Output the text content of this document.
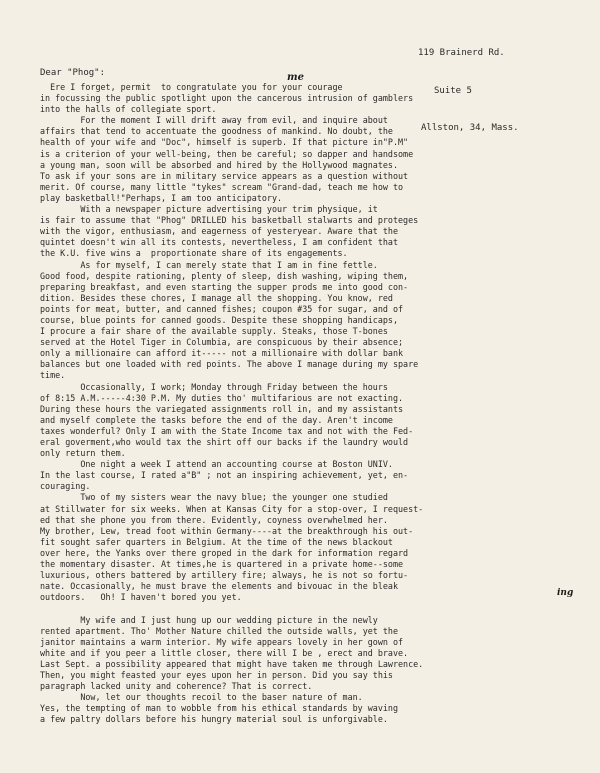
119 Brainerd Rd.

Suite 5

Allston, 34, Mass.

Dear "Phog":	me
ing
Ere I forget, permit  to congratulate you for your courage
in focussing the public spotlight upon the cancerous intrusion of gamblers
into the halls of collegiate sport.
For the moment I will drift away from evil, and inquire about
affairs that tend to accentuate the goodness of mankind. No doubt, the
health of your wife and "Doc", himself is superb. If that picture in"P.M"
is a criterion of your well-being, then be careful; so dapper and handsome
a young man, soon will be absorbed and hired by the Hollywood magnates.
To ask if your sons are in military service appears as a question without
merit. Of course, many little "tykes" scream "Grand-dad, teach me how to
play basketball!"Perhaps, I am too anticipatory.
With a newspaper picture advertising your trim physique, it
is fair to assume that "Phog" DRILLED his basketball stalwarts and proteges
with the vigor, enthusiasm, and eagerness of yesteryear. Aware that the
quintet doesn't win all its contests, nevertheless, I am confident that
the K.U. five wins a  proportionate share of its engagements.
As for myself, I can merely state that I am in fine fettle.
Good food, despite rationing, plenty of sleep, dish washing, wiping them,
preparing breakfast, and even starting the supper prods me into good con-
dition. Besides these chores, I manage all the shopping. You know, red
points for meat, butter, and canned fishes; coupon #35 for sugar, and of
course, blue points for canned goods. Despite these shopping handicaps,
I procure a fair share of the available supply. Steaks, those T-bones
served at the Hotel Tiger in Columbia, are conspicuous by their absence;
only a millionaire can afford it----- not a millionaire with dollar bank
balances but one loaded with red points. The above I manage during my spare
time.
Occasionally, I work; Monday through Friday between the hours
of 8:15 A.M.-----4:30 P.M. My duties tho' multifarious are not exacting.
During these hours the variegated assignments roll in, and my assistants
and myself complete the tasks before the end of the day. Aren't income
taxes wonderful? Only I am with the State Income tax and not with the Fed-
eral goverment,who would tax the shirt off our backs if the laundry would
only return them.
One night a week I attend an accounting course at Boston UNIV.
In the last course, I rated a"B" ; not an inspiring achievement, yet, en-
couraging.
Two of my sisters wear the navy blue; the younger one studied
at Stillwater for six weeks. When at Kansas City for a stop-over, I request-
ed that she phone you from there. Evidently, coyness overwhelmed her.
My brother, Lew, tread foot within Germany----at the breakthrough his out-
fit sought safer quarters in Belgium. At the time of the news blackout
over here, the Yanks over there groped in the dark for information regard
the momentary disaster. At times,he is quartered in a private home--some
luxurious, others battered by artillery fire; always, he is not so fortu-
nate. Occasionally, he must brave the elements and bivouac in the bleak
outdoors.   Oh! I haven't bored you yet.
My wife and I just hung up our wedding picture in the newly
rented apartment. Tho' Mother Nature chilled the outside walls, yet the
janitor maintains a warm interior. My wife appears lovely in her gown of
white and if you peer a little closer, there will I be , erect and brave.
Last Sept. a possibility appeared that might have taken me through Lawrence.
Then, you might feasted your eyes upon her in person. Did you say this
paragraph lacked unity and coherence? That is correct.
Now, let our thoughts recoil to the baser nature of man.
Yes, the tempting of man to wobble from his ethical standards by waving
a few paltry dollars before his hungry material soul is unforgivable.
